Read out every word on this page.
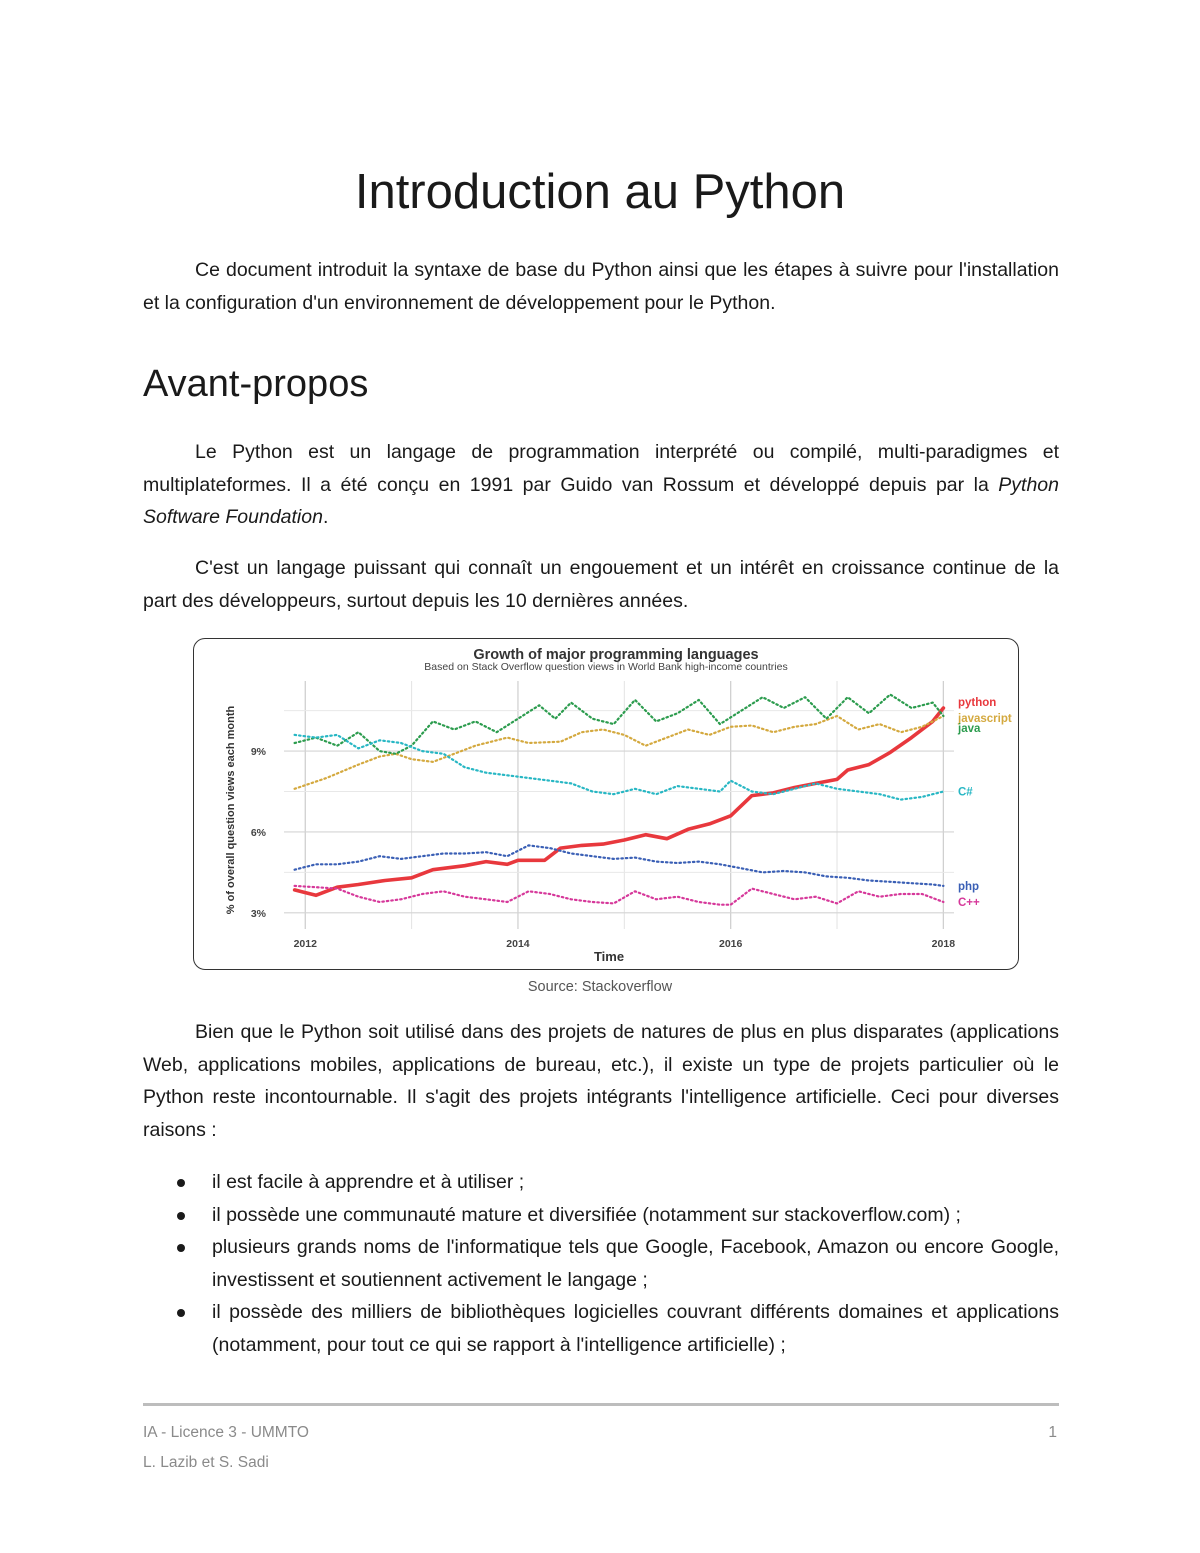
Introduction au Python

Ce document introduit la syntaxe de base du Python ainsi que les étapes à suivre pour l'installation et la configuration d'un environnement de développement pour le Python.

Avant-propos

Le Python est un langage de programmation interprété ou compilé, multi-paradigmes et multiplateformes. Il a été conçu en 1991 par Guido van Rossum et développé depuis par la Python Software Foundation.

C'est un langage puissant qui connaît un engouement et un intérêt en croissance continue de la part des développeurs, surtout depuis les 10 dernières années.

python
javascript
java
C#
php
C++
2012	2014	2016	2018
3%
6%
9%
Growth of major programming languages
Based on Stack Overflow question views in World Bank high-income countries
Time
% of overall question views each month
Source: Stackoverflow

Bien que le Python soit utilisé dans des projets de natures de plus en plus disparates (applications Web, applications mobiles, applications de bureau, etc.), il existe un type de projets particulier où le Python reste incontournable. Il s'agit des projets intégrants l'intelligence artificielle. Ceci pour diverses raisons :

il est facile à apprendre et à utiliser ;
il possède une communauté mature et diversifiée (notamment sur stackoverflow.com) ;
plusieurs grands noms de l'informatique tels que Google, Facebook, Amazon ou encore Google, investissent et soutiennent activement le langage ;
il possède des milliers de bibliothèques logicielles couvrant différents domaines et applications (notamment, pour tout ce qui se rapport à l'intelligence artificielle) ;
IA - Licence 3 - UMMTO	1
L. Lazib et S. Sadi
